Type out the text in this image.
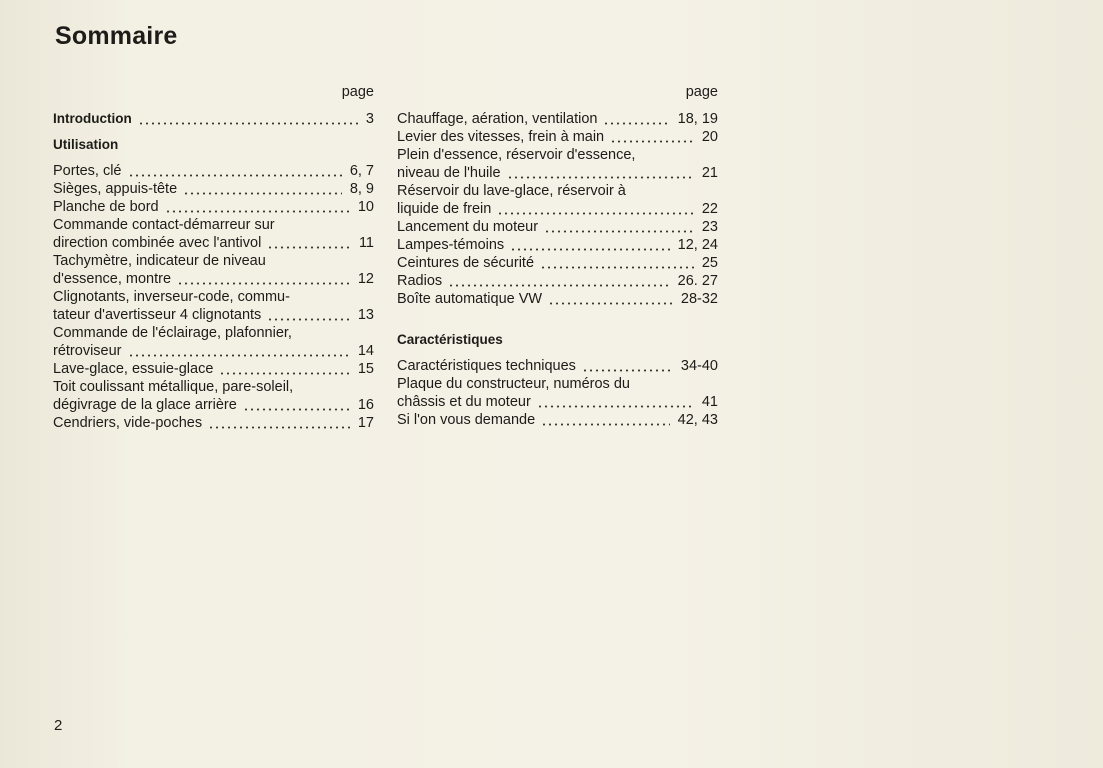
Sommaire
page
Introduction	3
Utilisation
Portes, clé	6, 7
Sièges, appuis-tête	8, 9
Planche de bord	10
Commande contact-démarreur sur
direction combinée avec l'antivol	11
Tachymètre, indicateur de niveau
d'essence, montre	12
Clignotants, inverseur-code, commu-
tateur d'avertisseur 4 clignotants	13
Commande de l'éclairage, plafonnier,
rétroviseur	14
Lave-glace, essuie-glace	15
Toit coulissant métallique, pare-soleil,
dégivrage de la glace arrière	16
Cendriers, vide-poches	17
page
Chauffage, aération, ventilation	18, 19
Levier des vitesses, frein à main	20
Plein d'essence, réservoir d'essence,
niveau de l'huile	21
Réservoir du lave-glace, réservoir à
liquide de frein	22
Lancement du moteur	23
Lampes-témoins	12, 24
Ceintures de sécurité	25
Radios	26. 27
Boîte automatique VW	28-32
Caractéristiques
Caractéristiques techniques	34-40
Plaque du constructeur, numéros du
châssis et du moteur	41
Si l'on vous demande	42, 43
2
